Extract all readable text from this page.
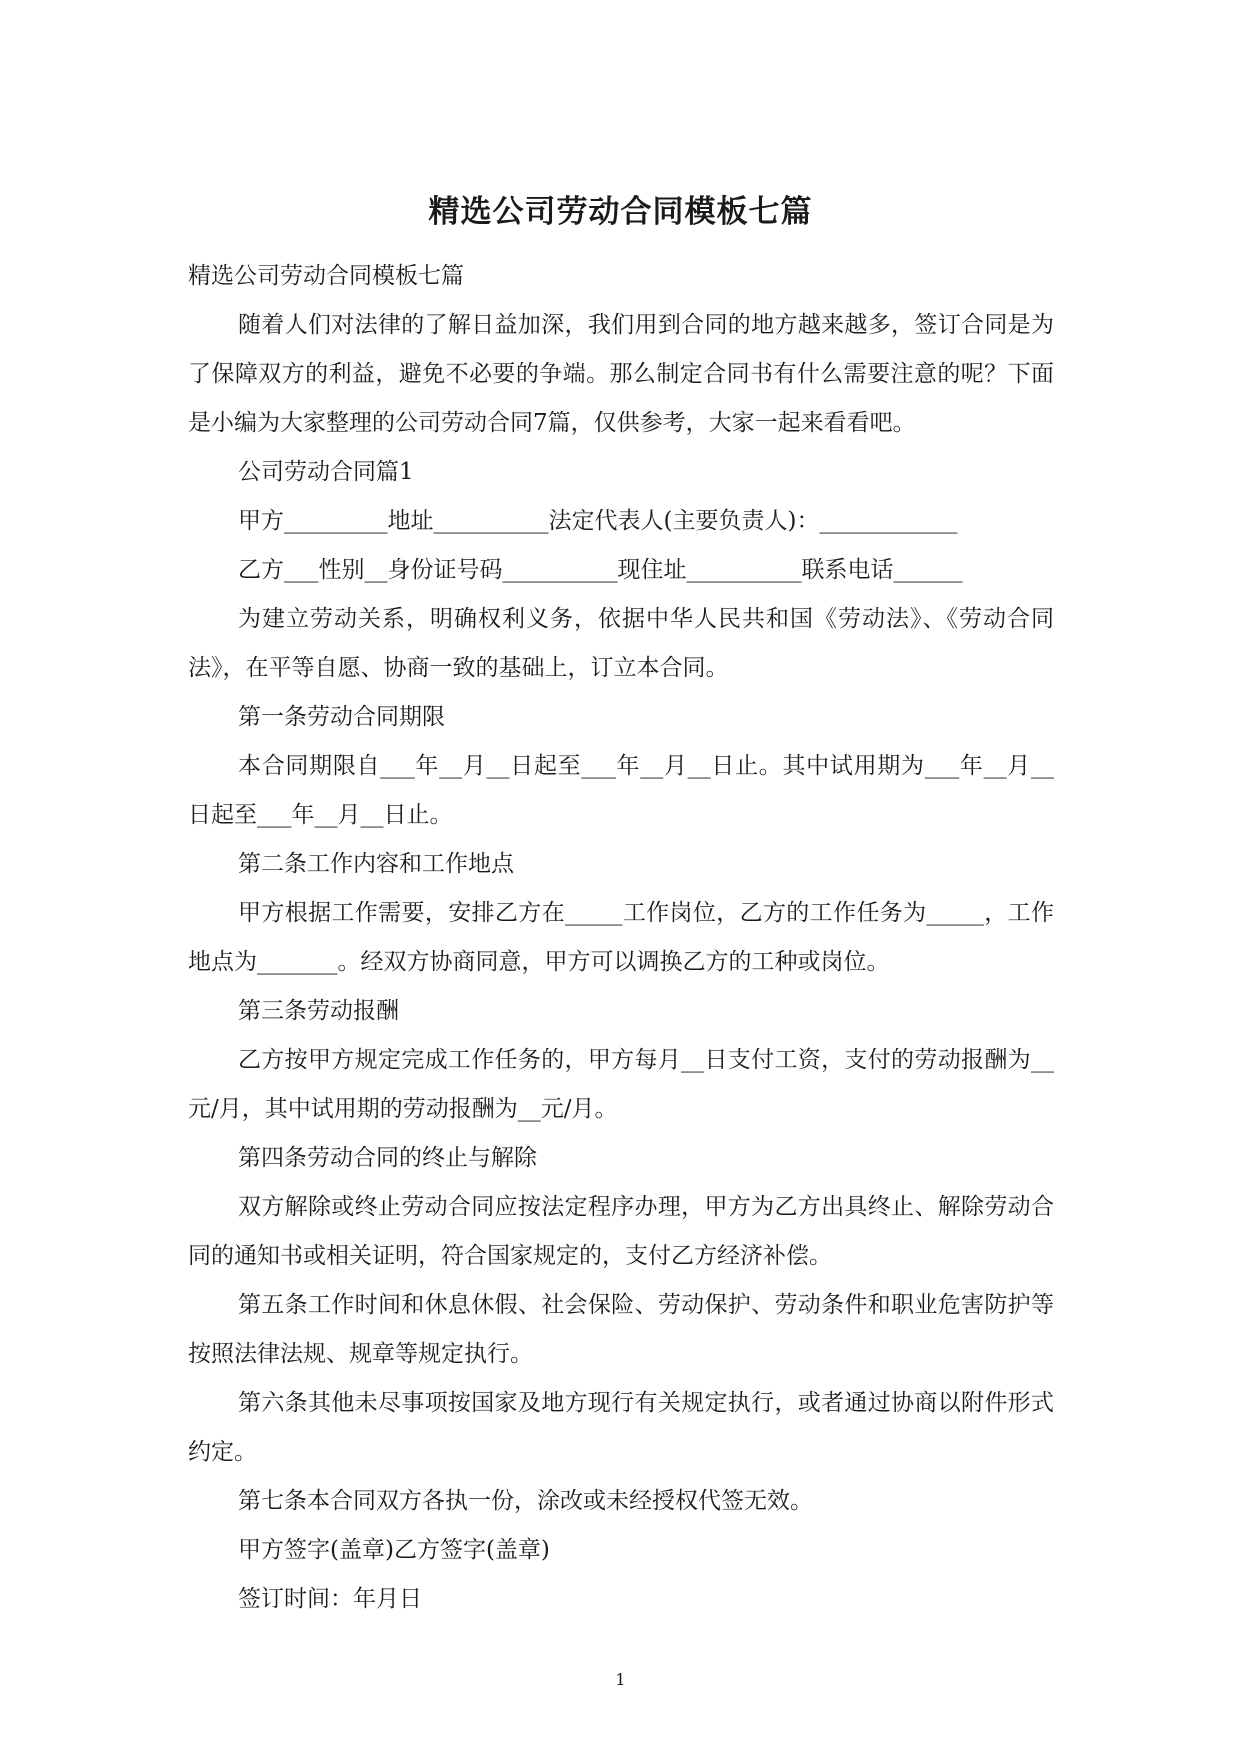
精选公司劳动合同模板七篇

精选公司劳动合同模板七篇

随着人们对法律的了解日益加深，我们用到合同的地方越来越多，签订合同是为了保障双方的利益，避免不必要的争端。那么制定合同书有什么需要注意的呢？下面是小编为大家整理的公司劳动合同7篇，仅供参考，大家一起来看看吧。

公司劳动合同篇1

甲方_________地址__________法定代表人(主要负责人)：____________

乙方___性别__身份证号码__________现住址__________联系电话______

为建立劳动关系，明确权利义务，依据中华人民共和国《劳动法》、《劳动合同法》，在平等自愿、协商一致的基础上，订立本合同。

第一条劳动合同期限

本合同期限自___年__月__日起至___年__月__日止。其中试用期为___年__月__日起至___年__月__日止。

第二条工作内容和工作地点

甲方根据工作需要，安排乙方在_____工作岗位，乙方的工作任务为_____，工作地点为_______。经双方协商同意，甲方可以调换乙方的工种或岗位。

第三条劳动报酬

乙方按甲方规定完成工作任务的，甲方每月__日支付工资，支付的劳动报酬为__元/月，其中试用期的劳动报酬为__元/月。

第四条劳动合同的终止与解除

双方解除或终止劳动合同应按法定程序办理，甲方为乙方出具终止、解除劳动合同的通知书或相关证明，符合国家规定的，支付乙方经济补偿。

第五条工作时间和休息休假、社会保险、劳动保护、劳动条件和职业危害防护等按照法律法规、规章等规定执行。

第六条其他未尽事项按国家及地方现行有关规定执行，或者通过协商以附件形式约定。

第七条本合同双方各执一份，涂改或未经授权代签无效。

甲方签字(盖章)乙方签字(盖章)

签订时间：年月日

1
